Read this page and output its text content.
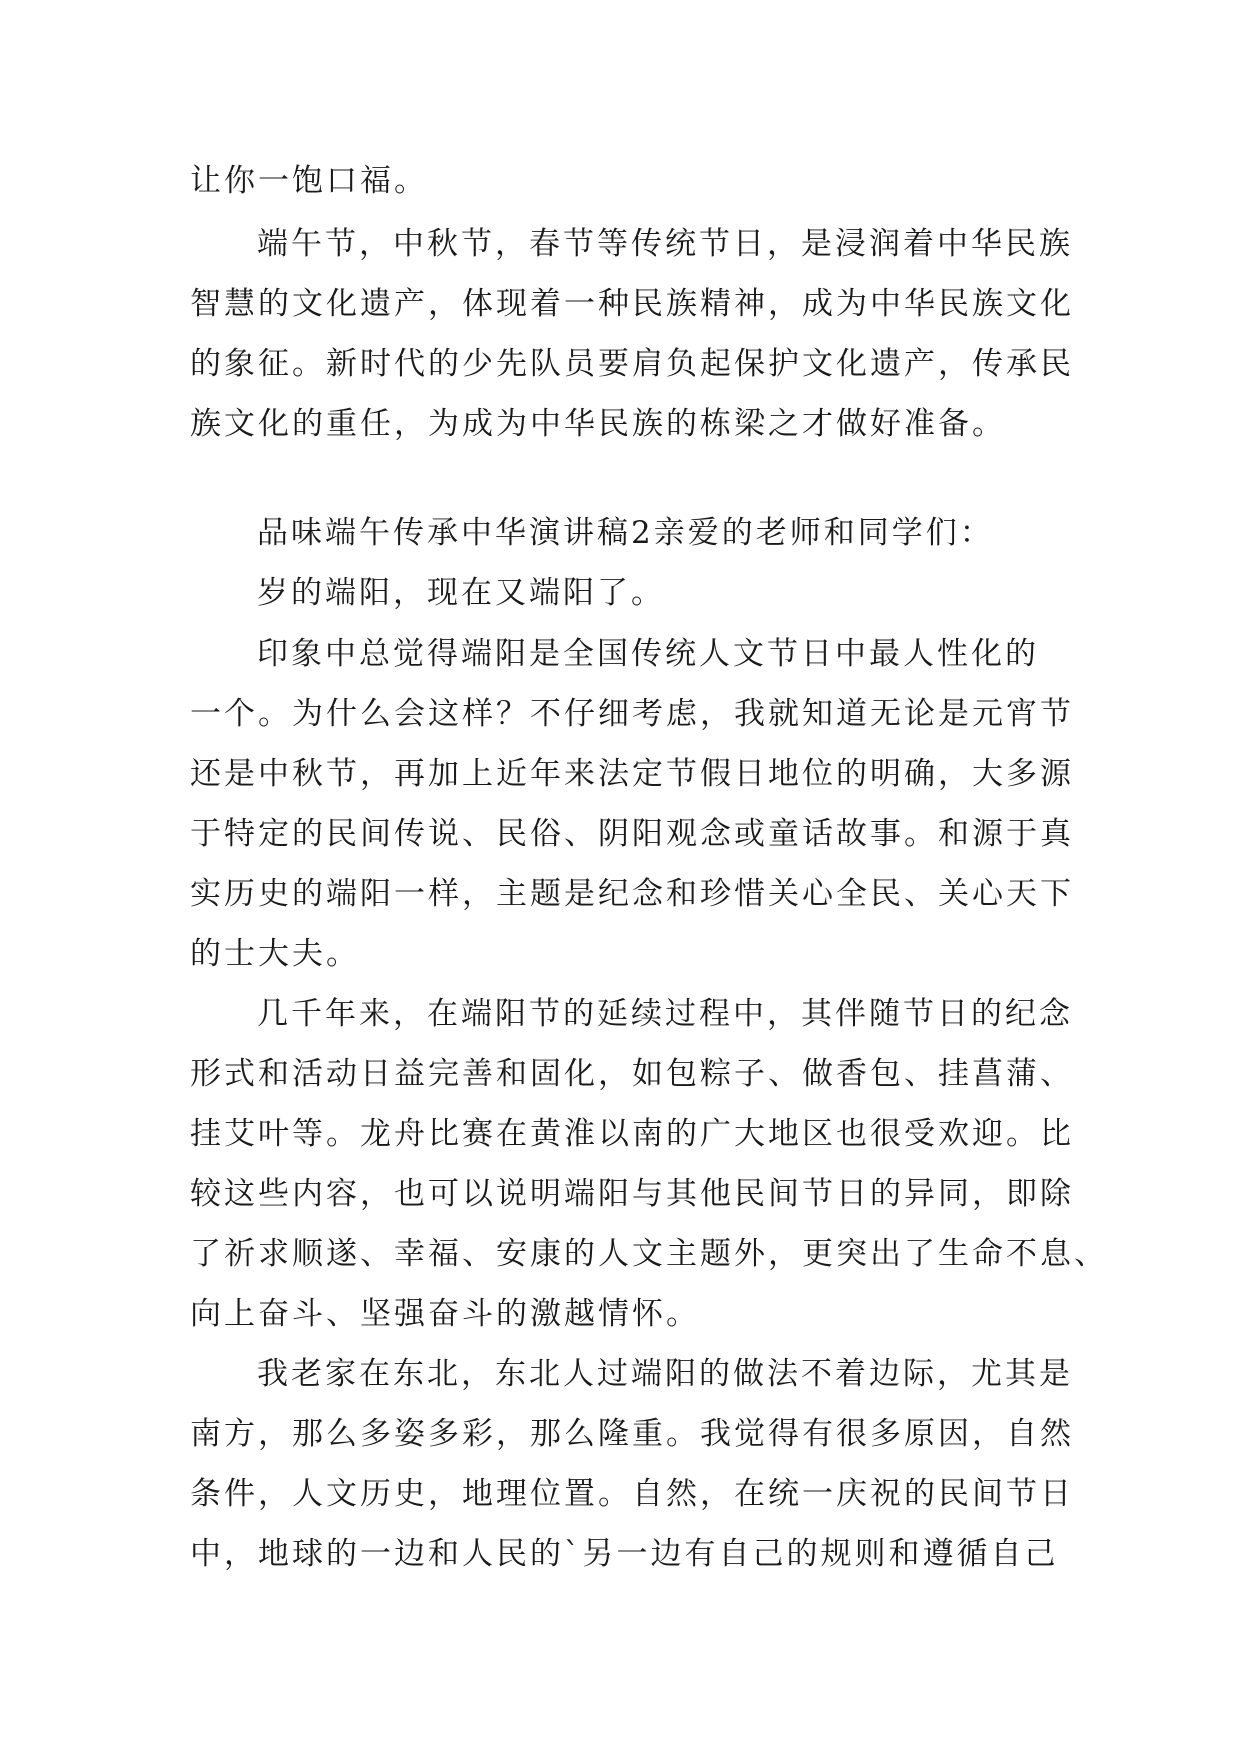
让你一饱口福。
端午节，中秋节，春节等传统节日，是浸润着中华民族
智慧的文化遗产，体现着一种民族精神，成为中华民族文化
的象征。新时代的少先队员要肩负起保护文化遗产，传承民
族文化的重任，为成为中华民族的栋梁之才做好准备。
品味端午传承中华演讲稿2亲爱的老师和同学们：
岁的端阳，现在又端阳了。
印象中总觉得端阳是全国传统人文节日中最人性化的
一个。为什么会这样？不仔细考虑，我就知道无论是元宵节
还是中秋节，再加上近年来法定节假日地位的明确，大多源
于特定的民间传说、民俗、阴阳观念或童话故事。和源于真
实历史的端阳一样，主题是纪念和珍惜关心全民、关心天下
的士大夫。
几千年来，在端阳节的延续过程中，其伴随节日的纪念
形式和活动日益完善和固化，如包粽子、做香包、挂菖蒲、
挂艾叶等。龙舟比赛在黄淮以南的广大地区也很受欢迎。比
较这些内容，也可以说明端阳与其他民间节日的异同，即除
了祈求顺遂、幸福、安康的人文主题外，更突出了生命不息、
向上奋斗、坚强奋斗的激越情怀。
我老家在东北，东北人过端阳的做法不着边际，尤其是
南方，那么多姿多彩，那么隆重。我觉得有很多原因，自然
条件，人文历史，地理位置。自然，在统一庆祝的民间节日
中，地球的一边和人民的`另一边有自己的规则和遵循自己
